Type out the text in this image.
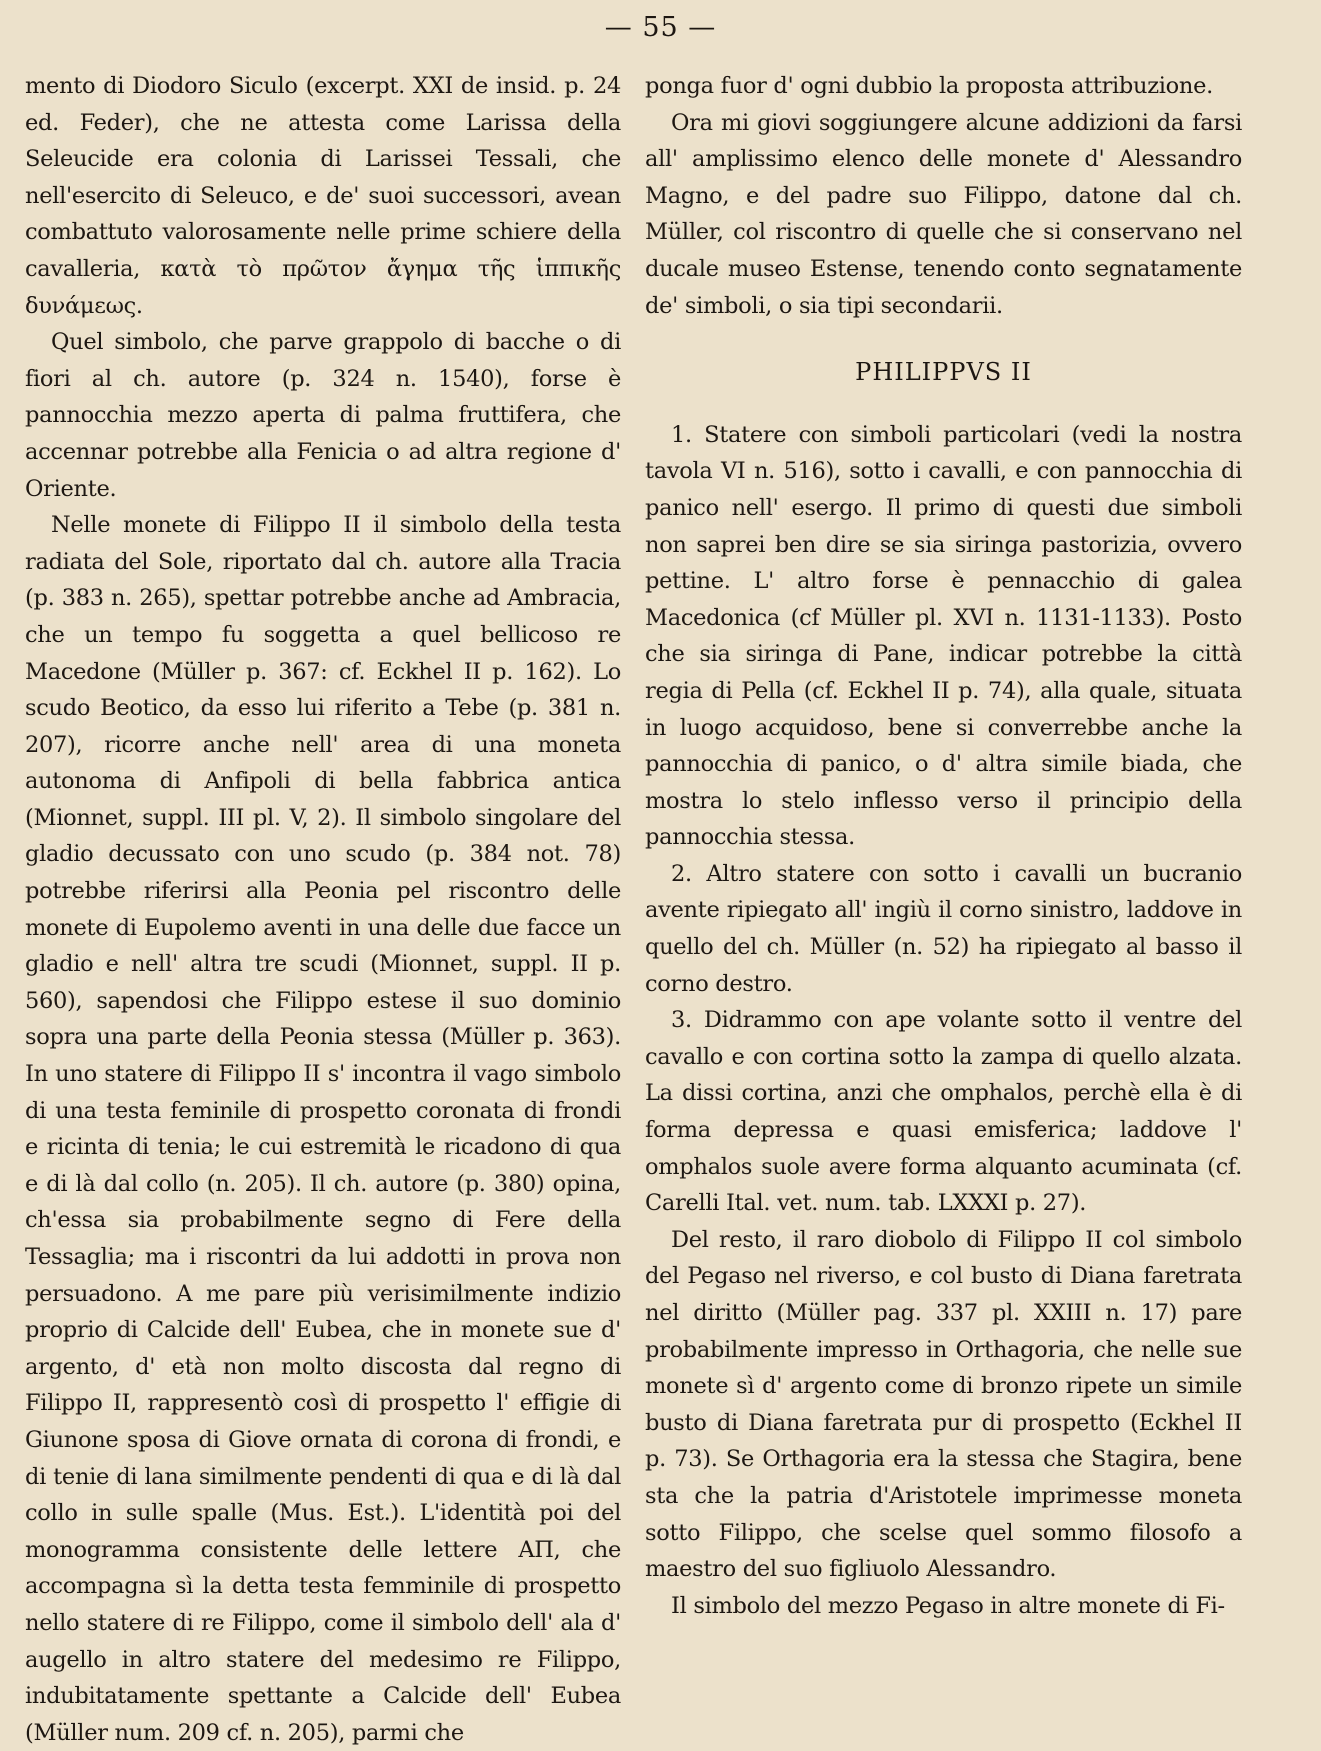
— 55 —

mento di Diodoro Siculo (excerpt. XXI de insid. p. 24 ed. Feder), che ne attesta come Larissa della Seleucide era colonia di Larissei Tessali, che nell'esercito di Seleuco, e de' suoi successori, avean combattuto valorosamente nelle prime schiere della cavalleria, κατὰ τὸ πρῶτον ἄγημα τῆς ἱππικῆς δυνάμεως.

Quel simbolo, che parve grappolo di bacche o di fiori al ch. autore (p. 324 n. 1540), forse è pannocchia mezzo aperta di palma fruttifera, che accennar potrebbe alla Fenicia o ad altra regione d' Oriente.

Nelle monete di Filippo II il simbolo della testa radiata del Sole, riportato dal ch. autore alla Tracia (p. 383 n. 265), spettar potrebbe anche ad Ambracia, che un tempo fu soggetta a quel bellicoso re Macedone (Müller p. 367: cf. Eckhel II p. 162). Lo scudo Beotico, da esso lui riferito a Tebe (p. 381 n. 207), ricorre anche nell' area di una moneta autonoma di Anfipoli di bella fabbrica antica (Mionnet, suppl. III pl. V, 2). Il simbolo singolare del gladio decussato con uno scudo (p. 384 not. 78) potrebbe riferirsi alla Peonia pel riscontro delle monete di Eupolemo aventi in una delle due facce un gladio e nell' altra tre scudi (Mionnet, suppl. II p. 560), sapendosi che Filippo estese il suo dominio sopra una parte della Peonia stessa (Müller p. 363). In uno statere di Filippo II s' incontra il vago simbolo di una testa feminile di prospetto coronata di frondi e ricinta di tenia; le cui estremità le ricadono di qua e di là dal collo (n. 205). Il ch. autore (p. 380) opina, ch'essa sia probabilmente segno di Fere della Tessaglia; ma i riscontri da lui addotti in prova non persuadono. A me pare più verisimilmente indizio proprio di Calcide dell' Eubea, che in monete sue d' argento, d' età non molto discosta dal regno di Filippo II, rappresentò così di prospetto l' effigie di Giunone sposa di Giove ornata di corona di frondi, e di tenie di lana similmente pendenti di qua e di là dal collo in sulle spalle (Mus. Est.). L'identità poi del monogramma consistente delle lettere AΠ, che accompagna sì la detta testa femminile di prospetto nello statere di re Filippo, come il simbolo dell' ala d' augello in altro statere del medesimo re Filippo, indubitatamente spettante a Calcide dell' Eubea (Müller num. 209 cf. n. 205), parmi che

ponga fuor d' ogni dubbio la proposta attribuzione.

Ora mi giovi soggiungere alcune addizioni da farsi all' amplissimo elenco delle monete d' Alessandro Magno, e del padre suo Filippo, datone dal ch. Müller, col riscontro di quelle che si conservano nel ducale museo Estense, tenendo conto segnatamente de' simboli, o sia tipi secondarii.

PHILIPPVS II

1. Statere con simboli particolari (vedi la nostra tavola VI n. 516), sotto i cavalli, e con pannocchia di panico nell' esergo. Il primo di questi due simboli non saprei ben dire se sia siringa pastorizia, ovvero pettine. L' altro forse è pennacchio di galea Macedonica (cf Müller pl. XVI n. 1131-1133). Posto che sia siringa di Pane, indicar potrebbe la città regia di Pella (cf. Eckhel II p. 74), alla quale, situata in luogo acquidoso, bene si converrebbe anche la pannocchia di panico, o d' altra simile biada, che mostra lo stelo inflesso verso il principio della pannocchia stessa.

2. Altro statere con sotto i cavalli un bucranio avente ripiegato all' ingiù il corno sinistro, laddove in quello del ch. Müller (n. 52) ha ripiegato al basso il corno destro.

3. Didrammo con ape volante sotto il ventre del cavallo e con cortina sotto la zampa di quello alzata. La dissi cortina, anzi che omphalos, perchè ella è di forma depressa e quasi emisferica; laddove l' omphalos suole avere forma alquanto acuminata (cf. Carelli Ital. vet. num. tab. LXXXI p. 27).

Del resto, il raro diobolo di Filippo II col simbolo del Pegaso nel riverso, e col busto di Diana faretrata nel diritto (Müller pag. 337 pl. XXIII n. 17) pare probabilmente impresso in Orthagoria, che nelle sue monete sì d' argento come di bronzo ripete un simile busto di Diana faretrata pur di prospetto (Eckhel II p. 73). Se Orthagoria era la stessa che Stagira, bene sta che la patria d'Aristotele imprimesse moneta sotto Filippo, che scelse quel sommo filosofo a maestro del suo figliuolo Alessandro.

Il simbolo del mezzo Pegaso in altre monete di Fi-
